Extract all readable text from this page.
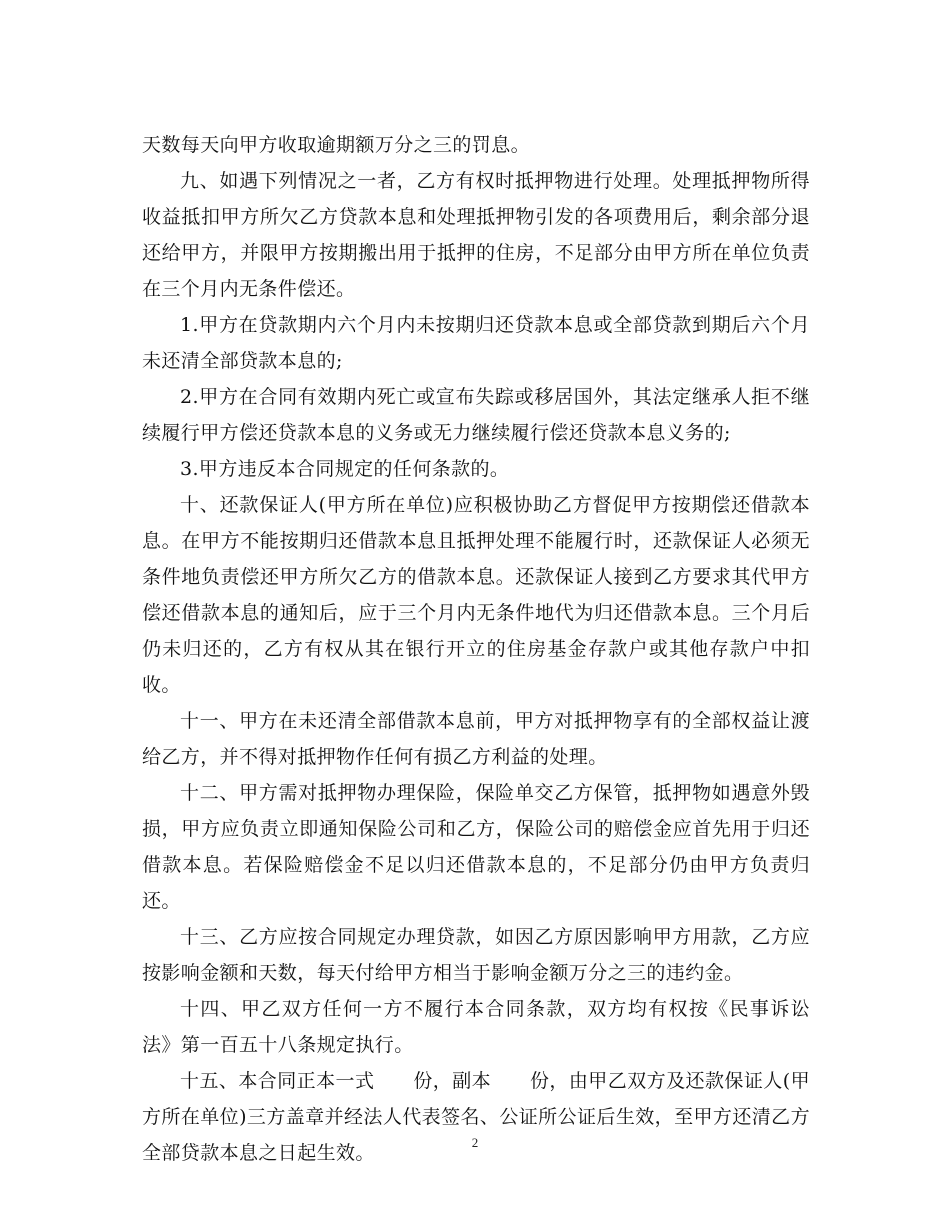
天数每天向甲方收取逾期额万分之三的罚息。

九、如遇下列情况之一者，乙方有权时抵押物进行处理。处理抵押物所得收益抵扣甲方所欠乙方贷款本息和处理抵押物引发的各项费用后，剩余部分退还给甲方，并限甲方按期搬出用于抵押的住房，不足部分由甲方所在单位负责在三个月内无条件偿还。

1.甲方在贷款期内六个月内未按期归还贷款本息或全部贷款到期后六个月未还清全部贷款本息的;

2.甲方在合同有效期内死亡或宣布失踪或移居国外，其法定继承人拒不继续履行甲方偿还贷款本息的义务或无力继续履行偿还贷款本息义务的;

3.甲方违反本合同规定的任何条款的。

十、还款保证人(甲方所在单位)应积极协助乙方督促甲方按期偿还借款本息。在甲方不能按期归还借款本息且抵押处理不能履行时，还款保证人必须无条件地负责偿还甲方所欠乙方的借款本息。还款保证人接到乙方要求其代甲方偿还借款本息的通知后，应于三个月内无条件地代为归还借款本息。三个月后仍未归还的，乙方有权从其在银行开立的住房基金存款户或其他存款户中扣收。

十一、甲方在未还清全部借款本息前，甲方对抵押物享有的全部权益让渡给乙方，并不得对抵押物作任何有损乙方利益的处理。

十二、甲方需对抵押物办理保险，保险单交乙方保管，抵押物如遇意外毁损，甲方应负责立即通知保险公司和乙方，保险公司的赔偿金应首先用于归还借款本息。若保险赔偿金不足以归还借款本息的，不足部分仍由甲方负责归还。

十三、乙方应按合同规定办理贷款，如因乙方原因影响甲方用款，乙方应按影响金额和天数，每天付给甲方相当于影响金额万分之三的违约金。

十四、甲乙双方任何一方不履行本合同条款，双方均有权按《民事诉讼法》第一百五十八条规定执行。

十五、本合同正本一式　　份，副本　　份，由甲乙双方及还款保证人(甲方所在单位)三方盖章并经法人代表签名、公证所公证后生效，至甲方还清乙方全部贷款本息之日起生效。	2
